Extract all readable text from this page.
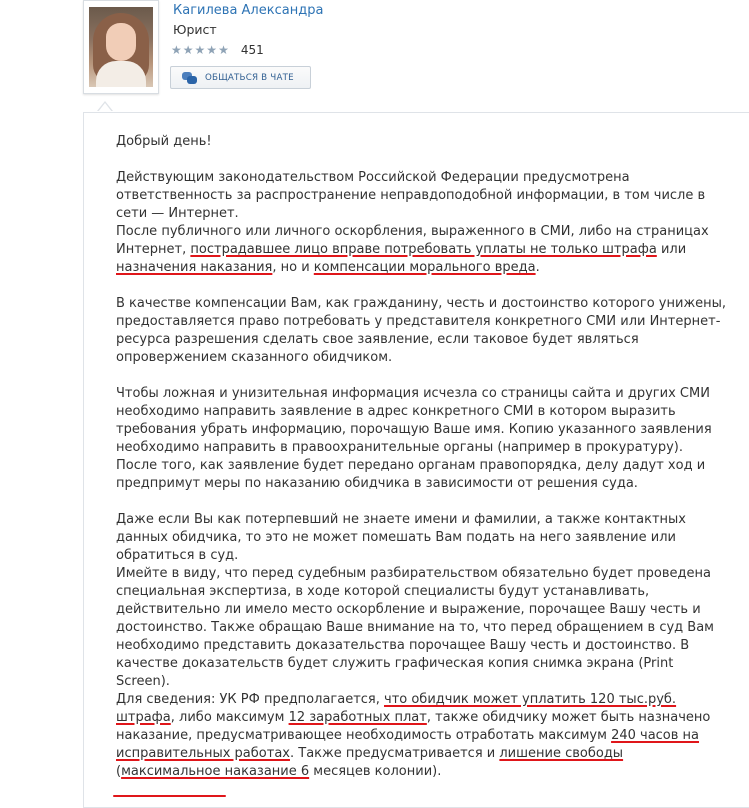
Кагилева Александра
Юрист
★ ★ ★ ★ ★ 451
ОБЩАТЬСЯ В ЧАТЕ

Добрый день!

Действующим законодательством Российской Федерации предусмотрена ответственность за распространение неправдоподобной информации, в том числе в сети — Интернет.

После публичного или личного оскорбления, выраженного в СМИ, либо на страницах Интернет, пострадавшее лицо вправе потребовать уплаты не только штрафа или назначения наказания, но и компенсации морального вреда.

В качестве компенсации Вам, как гражданину, честь и достоинство которого унижены, предоставляется право потребовать у представителя конкретного СМИ или Интернет-ресурса разрешения сделать свое заявление, если таковое будет являться опровержением сказанного обидчиком.

Чтобы ложная и унизительная информация исчезла со страницы сайта и других СМИ необходимо направить заявление в адрес конкретного СМИ в котором выразить требования убрать информацию, порочащую Ваше имя. Копию указанного заявления необходимо направить в правоохранительные органы (например в прокуратуру). После того, как заявление будет передано органам правопорядка, делу дадут ход и предпримут меры по наказанию обидчика в зависимости от решения суда.

Даже если Вы как потерпевший не знаете имени и фамилии, а также контактных данных обидчика, то это не может помешать Вам подать на него заявление или обратиться в суд.

Имейте в виду, что перед судебным разбирательством обязательно будет проведена специальная экспертиза, в ходе которой специалисты будут устанавливать, действительно ли имело место оскорбление и выражение, порочащее Вашу честь и достоинство. Также обращаю Ваше внимание на то, что перед обращением в суд Вам необходимо представить доказательства порочащее Вашу честь и достоинство. В качестве доказательств будет служить графическая копия снимка экрана (Print Screen).

Для сведения: УК РФ предполагается, что обидчик может уплатить 120 тыс.руб. штрафа, либо максимум 12 заработных плат, также обидчику может быть назначено наказание, предусматривающее необходимость отработать максимум 240 часов на исправительных работах. Также предусматривается и лишение свободы (максимальное наказание 6 месяцев колонии).
